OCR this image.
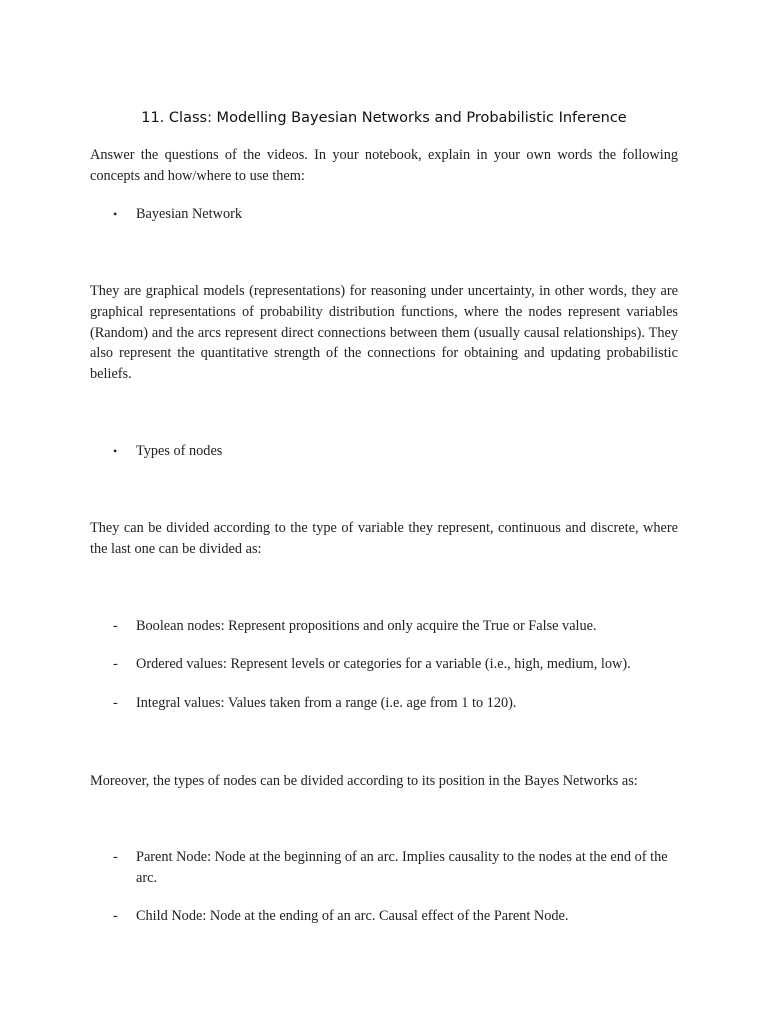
11. Class: Modelling Bayesian Networks and Probabilistic Inference

Answer the questions of the videos. In your notebook, explain in your own words the following concepts and how/where to use them:

•	Bayesian Network

They are graphical models (representations) for reasoning under uncertainty, in other words, they are graphical representations of probability distribution functions, where the nodes represent variables (Random) and the arcs represent direct connections between them (usually causal relationships). They also represent the quantitative strength of the connections for obtaining and updating probabilistic beliefs.

•	Types of nodes

They can be divided according to the type of variable they represent, continuous and discrete, where the last one can be divided as:

-	Boolean nodes: Represent propositions and only acquire the True or False value.
-	Ordered values: Represent levels or categories for a variable (i.e., high, medium, low).
-	Integral values: Values taken from a range (i.e. age from 1 to 120).

Moreover, the types of nodes can be divided according to its position in the Bayes Networks as:

-	Parent Node: Node at the beginning of an arc. Implies causality to the nodes at the end of the arc.
-	Child Node: Node at the ending of an arc. Causal effect of the Parent Node.
